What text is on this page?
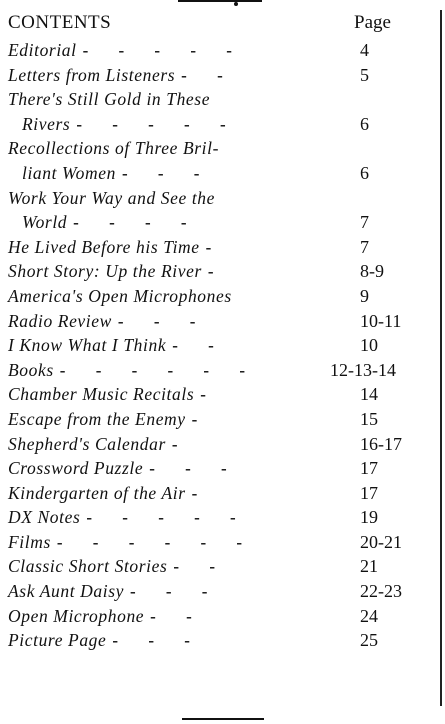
CONTENTS	Page
Editorial - - - - -	4
Letters from Listeners - -	5
There's Still Gold in These
Rivers - - - - -	6
Recollections of Three Bril-
liant Women - - -	6
Work Your Way and See the
World - - - -	7
He Lived Before his Time -	7
Short Story: Up the River -	8-9
America's Open Microphones	9
Radio Review - - -	10-11
I Know What I Think - -	10
Books - - - - - -	12-13-14
Chamber Music Recitals -	14
Escape from the Enemy -	15
Shepherd's Calendar -	16-17
Crossword Puzzle - - -	17
Kindergarten of the Air -	17
DX Notes - - - - -	19
Films - - - - - -	20-21
Classic Short Stories - -	21
Ask Aunt Daisy - - -	22-23
Open Microphone - -	24
Picture Page - - -	25
